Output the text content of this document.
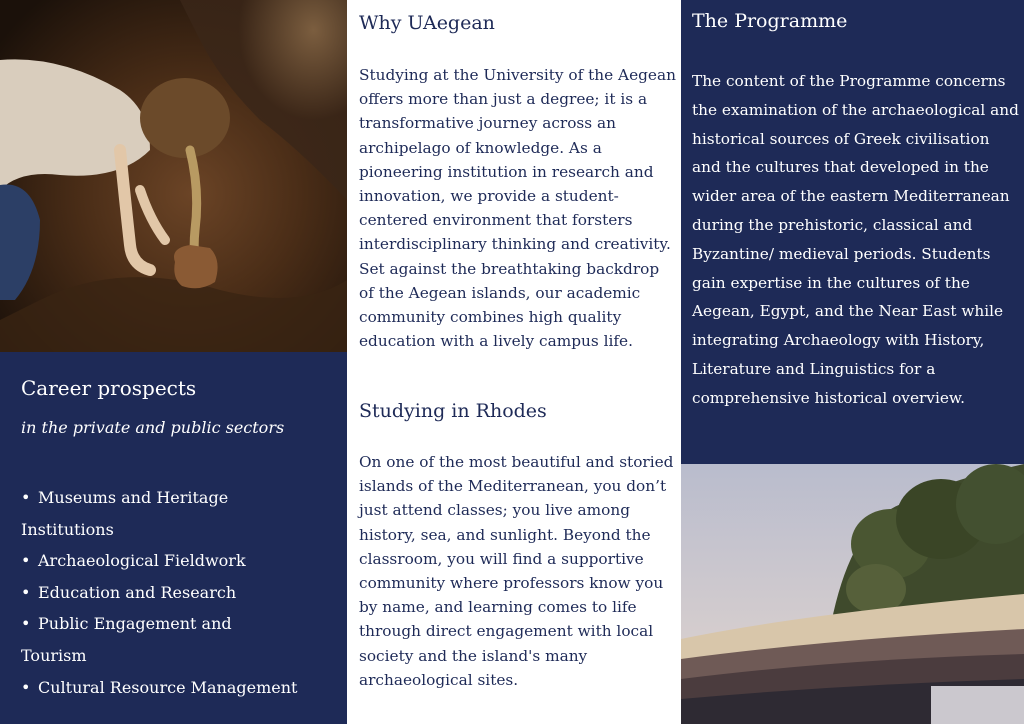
Career prospects

in the private and public sectors

• Museums and Heritage
Institutions
• Archaeological Fieldwork
• Education and Research
• Public Engagement and
Tourism
• Cultural Resource Management
Why UAegean

Studying at the University of the Aegean offers more than just a degree; it is a transformative journey across an archipelago of knowledge. As a pioneering institution in research and innovation, we provide a student-centered environment that forsters interdisciplinary thinking and creativity. Set against the breathtaking backdrop of the Aegean islands, our academic community combines high quality education with a lively campus life.

Studying in Rhodes

On one of the most beautiful and storied islands of the Mediterranean, you don’t just attend classes; you live among history, sea, and sunlight. Beyond the classroom, you will find a supportive community where professors know you by name, and learning comes to life through direct engagement with local society and the island's many archaeological sites.

The Programme

The content of the Programme concerns the examination of the archaeological and historical sources of Greek civilisation and the cultures that developed in the wider area of the eastern Mediterranean during the prehistoric, classical and Byzantine/ medieval periods. Students gain expertise in the cultures of the Aegean, Egypt, and the Near East while integrating Archaeology with History, Literature and Linguistics for a comprehensive historical overview.
